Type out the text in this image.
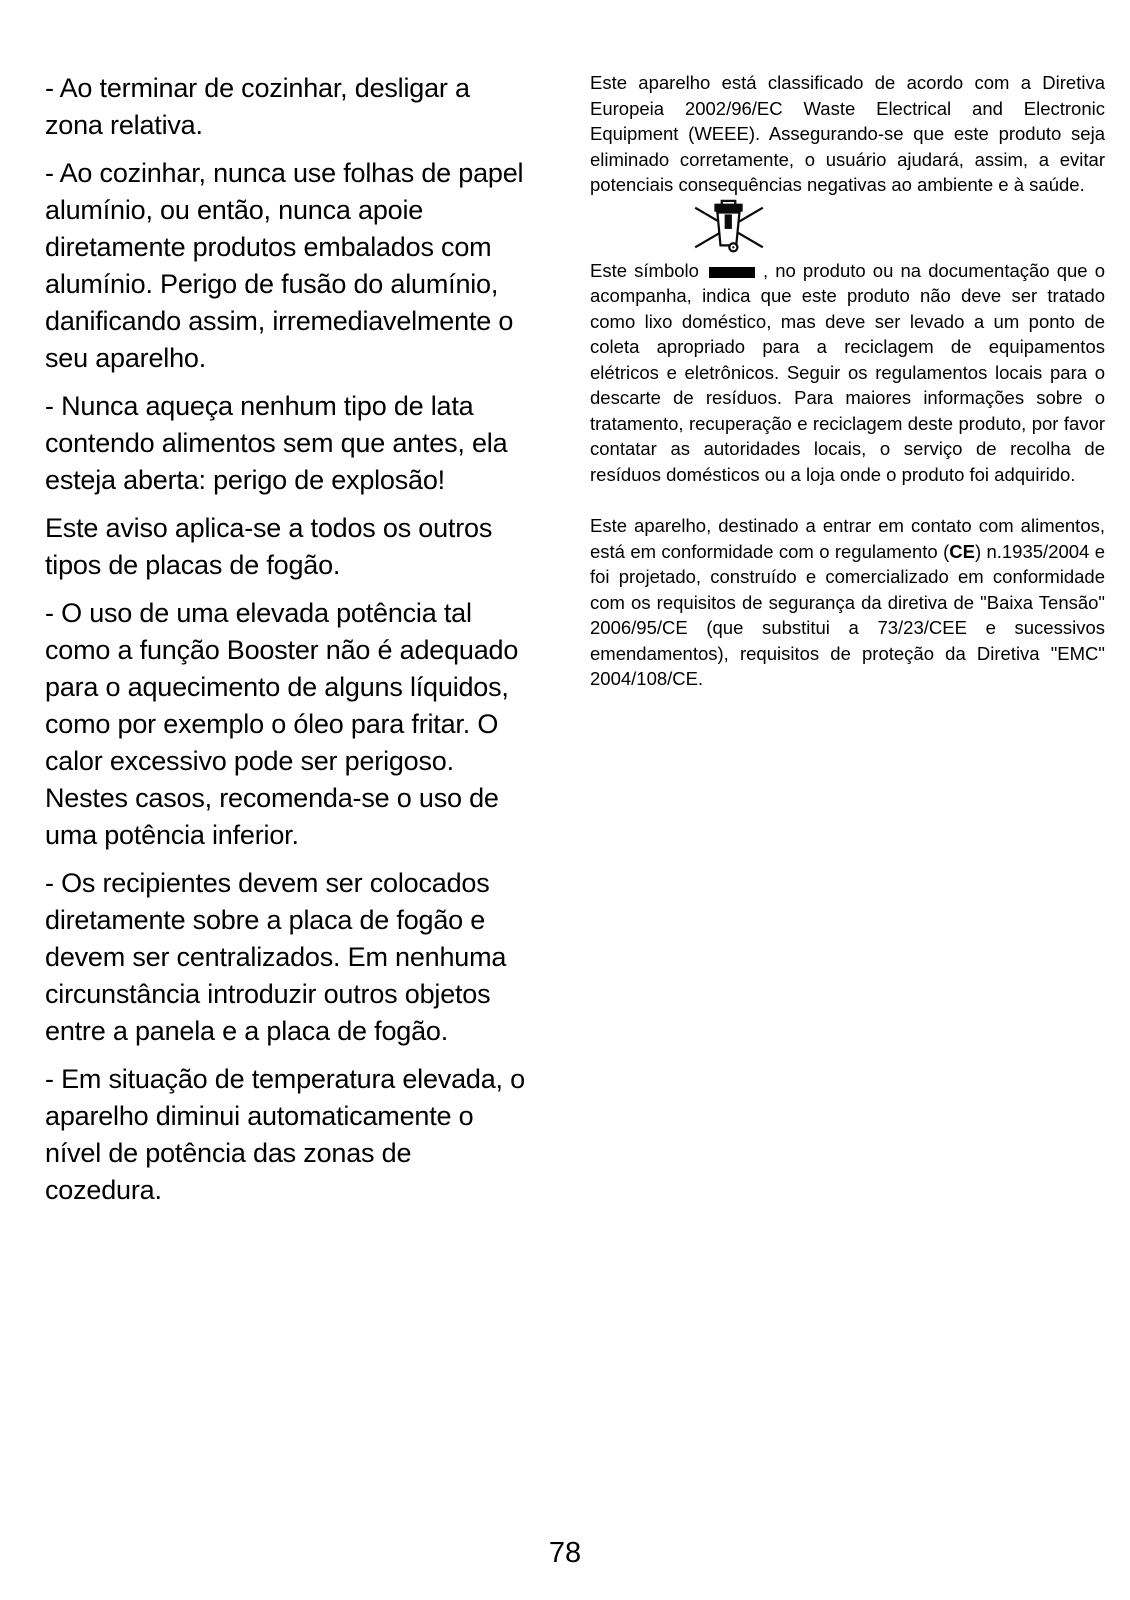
- Ao terminar de cozinhar, desligar a zona relativa.

- Ao cozinhar, nunca use folhas de papel alumínio, ou então, nunca apoie diretamente produtos embalados com alumínio. Perigo de fusão do alumínio, danificando assim, irremediavelmente o seu aparelho.

- Nunca aqueça nenhum tipo de lata contendo alimentos sem que antes, ela esteja aberta: perigo de explosão!

Este aviso aplica-se a todos os outros tipos de placas de fogão.

- O uso de uma elevada potência tal como a função Booster não é adequado para o aquecimento de alguns líquidos, como por exemplo o óleo para fritar. O calor excessivo pode ser perigoso. Nestes casos, recomenda-se o uso de uma potência inferior.

- Os recipientes devem ser colocados diretamente sobre a placa de fogão e devem ser centralizados. Em nenhuma circunstância introduzir outros objetos entre a panela e a placa de fogão.

- Em situação de temperatura elevada, o aparelho diminui automaticamente o nível de potência das zonas de cozedura.

Este aparelho está classificado de acordo com a Diretiva Europeia 2002/96/EC Waste Electrical and Electronic Equipment (WEEE). Assegurando-se que este produto seja eliminado corretamente, o usuário ajudará, assim, a evitar potenciais consequências negativas ao ambiente e à saúde.

Este símbolo	, no produto ou na documentação que o acompanha, indica que este produto não deve ser tratado como lixo doméstico, mas deve ser levado a um ponto de coleta apropriado para a reciclagem de equipamentos elétricos e eletrônicos. Seguir os regulamentos locais para o descarte de resíduos. Para maiores informações sobre o tratamento, recuperação e reciclagem deste produto, por favor contatar as autoridades locais, o serviço de recolha de resíduos domésticos ou a loja onde o produto foi adquirido.

Este aparelho, destinado a entrar em contato com alimentos, está em conformidade com o regulamento (CE) n.1935/2004 e foi projetado, construído e comercializado em conformidade com os requisitos de segurança da diretiva de "Baixa Tensão" 2006/95/CE (que substitui a 73/23/CEE e sucessivos emendamentos), requisitos de proteção da Diretiva "EMC" 2004/108/CE.

78
